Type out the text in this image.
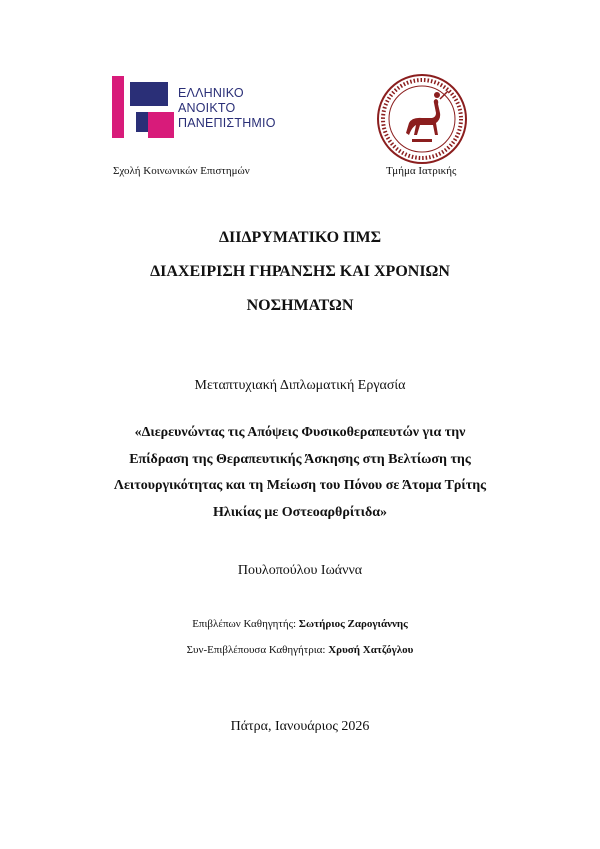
ΕΛΛΗΝΙΚΟ
ΑΝΟΙΚΤΟ
ΠΑΝΕΠΙΣΤΗΜΙΟ
Σχολή Κοινωνικών Επιστημών	Τμήμα Ιατρικής
ΔΙΙΔΡΥΜΑΤΙΚΟ ΠΜΣ
ΔΙΑΧΕΙΡΙΣΗ ΓΗΡΑΝΣΗΣ ΚΑΙ ΧΡΟΝΙΩΝ
ΝΟΣΗΜΑΤΩΝ
Μεταπτυχιακή Διπλωματική Εργασία
«Διερευνώντας τις Απόψεις Φυσικοθεραπευτών για την
Επίδραση της Θεραπευτικής Άσκησης στη Βελτίωση της
Λειτουργικότητας και τη Μείωση του Πόνου σε Άτομα Τρίτης
Ηλικίας με Οστεοαρθρίτιδα»
Πουλοπούλου Ιωάννα
Επιβλέπων Καθηγητής: Σωτήριος Ζαρογιάννης
Συν-Επιβλέπουσα Καθηγήτρια: Χρυσή Χατζόγλου
Πάτρα, Ιανουάριος 2026
